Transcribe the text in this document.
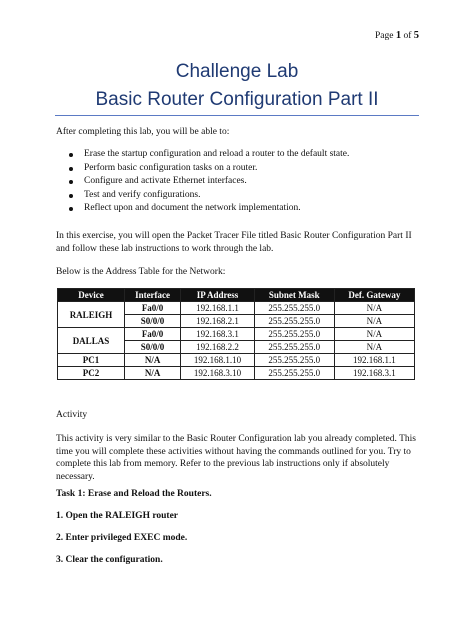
Page 1 of 5
Challenge Lab
Basic Router Configuration Part II

After completing this lab, you will be able to:

Erase the startup configuration and reload a router to the default state.
Perform basic configuration tasks on a router.
Configure and activate Ethernet interfaces.
Test and verify configurations.
Reflect upon and document the network implementation.

In this exercise, you will open the Packet Tracer File titled Basic Router Configuration Part II and follow these lab instructions to work through the lab.

Below is the Address Table for the Network:

Device	Interface	IP Address	Subnet Mask	Def. Gateway
RALEIGH	Fa0/0	192.168.1.1	255.255.255.0	N/A
	S0/0/0	192.168.2.1	255.255.255.0	N/A
DALLAS	Fa0/0	192.168.3.1	255.255.255.0	N/A
	S0/0/0	192.168.2.2	255.255.255.0	N/A
PC1	N/A	192.168.1.10	255.255.255.0	192.168.1.1
PC2	N/A	192.168.3.10	255.255.255.0	192.168.3.1

Activity

This activity is very similar to the Basic Router Configuration lab you already completed. This time you will complete these activities without having the commands outlined for you. Try to complete this lab from memory. Refer to the previous lab instructions only if absolutely necessary.

Task 1: Erase and Reload the Routers.

1. Open the RALEIGH router

2. Enter privileged EXEC mode.

3. Clear the configuration.
